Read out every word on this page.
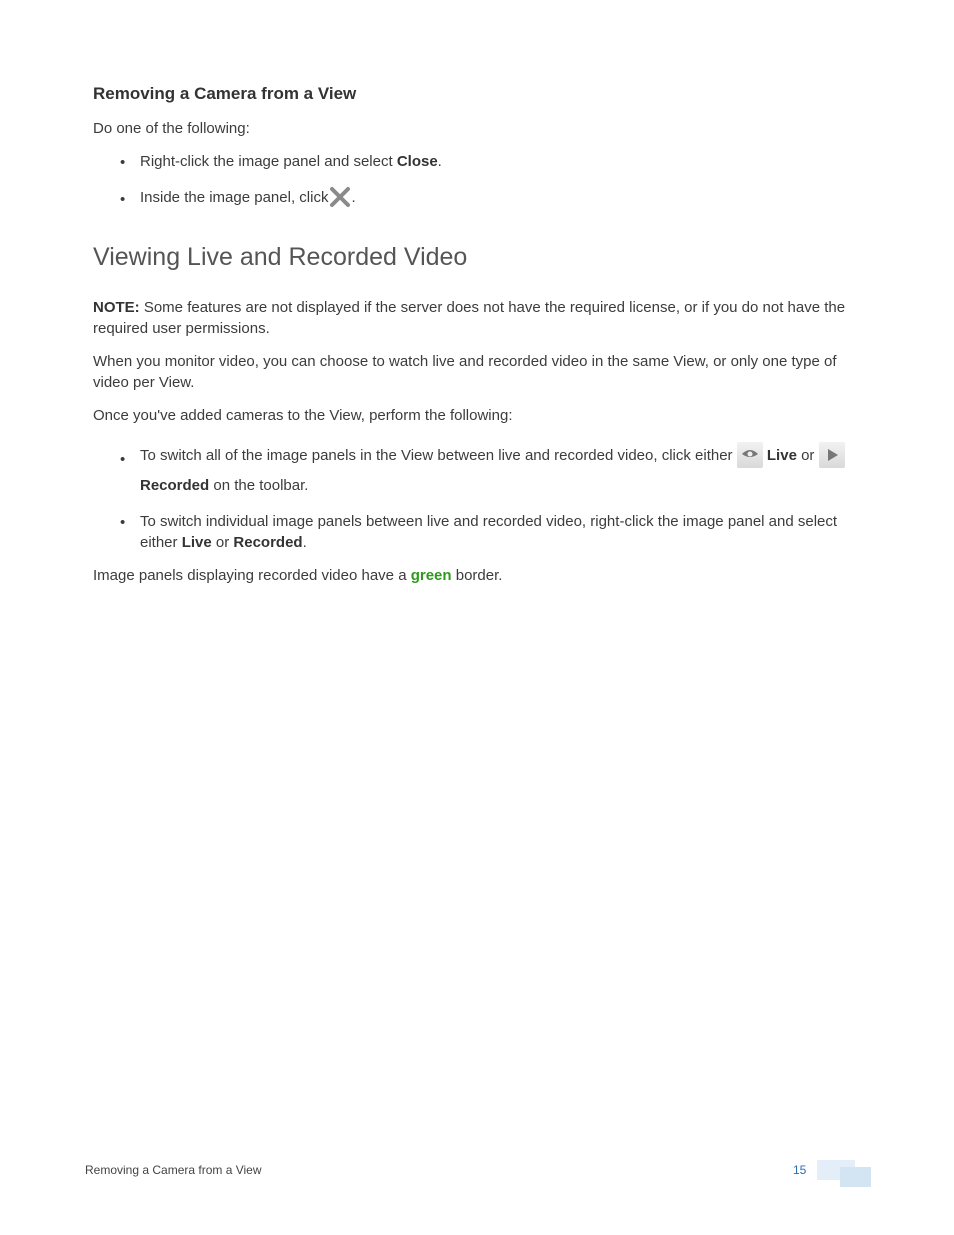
Removing a Camera from a View

Do one of the following:

• Right-click the image panel and select Close.
• Inside the image panel, click .
Viewing Live and Recorded Video

NOTE: Some features are not displayed if the server does not have the required license, or if you do not have the required user permissions.

When you monitor video, you can choose to watch live and recorded video in the same View, or only one type of video per View.

Once you've added cameras to the View, perform the following:

• To switch all of the image panels in the View between live and recorded video, click either
Live or
Recorded on the toolbar.
• To switch individual image panels between live and recorded video, right-click the image panel and select either Live or Recorded.

Image panels displaying recorded video have a green border.

Removing a Camera from a View	15
